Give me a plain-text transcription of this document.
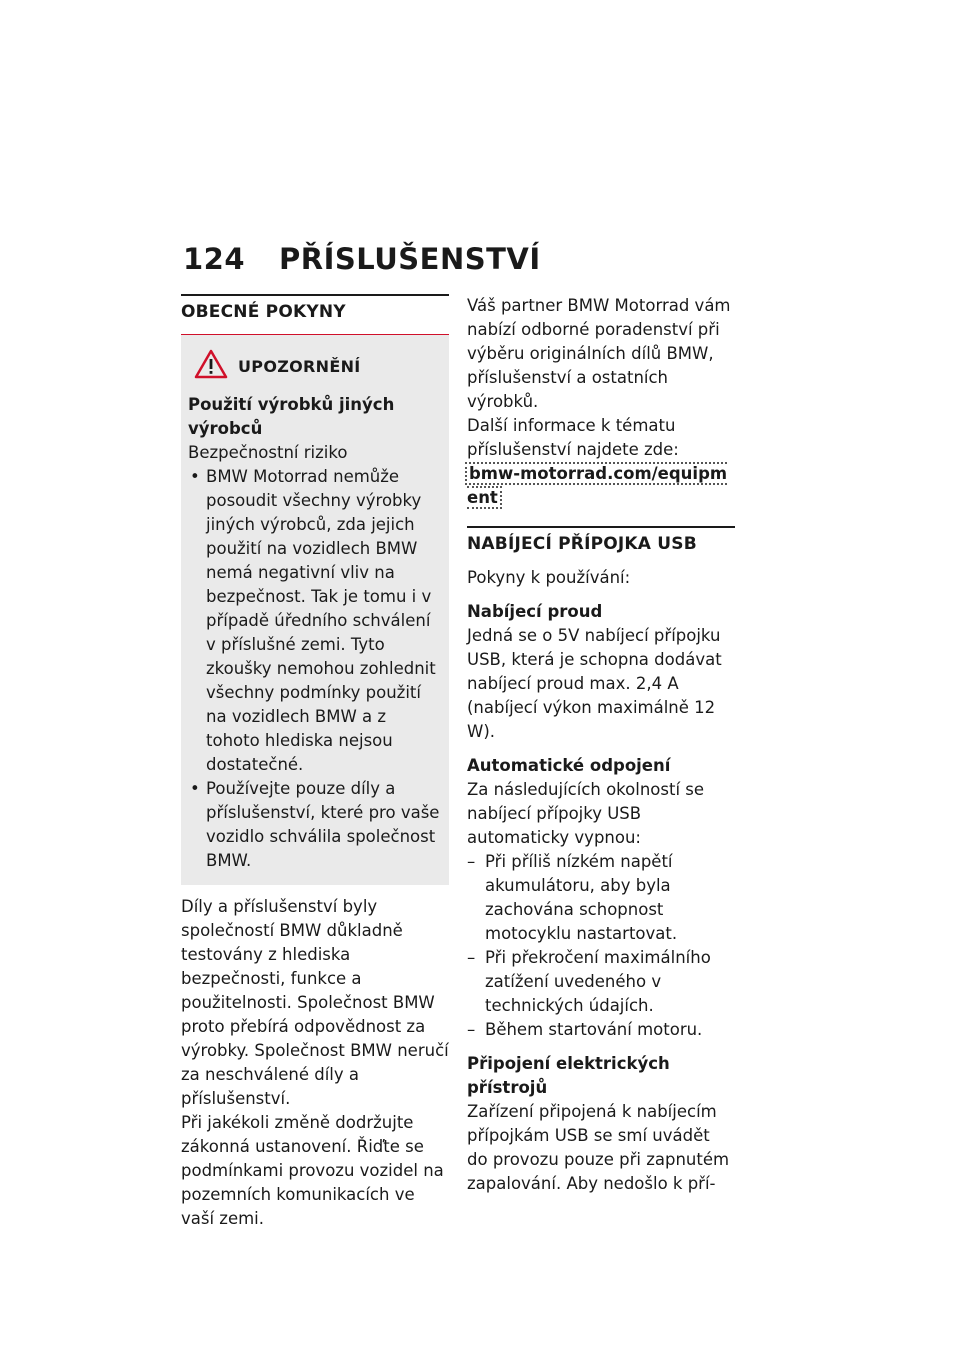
124 PŘÍSLUŠENSTVÍ
OBECNÉ POKYNY
UPOZORNĚNÍ

Použití výrobků jiných výrobců

Bezpečnostní riziko

• BMW Motorrad nemůže posoudit všechny výrobky jiných výrobců, zda jejich použití na vozidlech BMW nemá negativní vliv na bezpečnost. Tak je tomu i v případě úředního schválení v příslušné zemi. Tyto zkoušky nemohou zohlednit všechny podmínky použití na vozidlech BMW a z tohoto hlediska nejsou dostatečné.
• Používejte pouze díly a příslušenství, které pro vaše vozidlo schválila společnost BMW.

Díly a příslušenství byly společností BMW důkladně testovány z hlediska bezpečnosti, funkce a použitelnosti. Společnost BMW proto přebírá odpovědnost za výrobky. Společnost BMW neručí za neschválené díly a příslušenství.

Při jakékoli změně dodržujte zákonná ustanovení. Řiďte se podmínkami provozu vozidel na pozemních komunikacích ve vaší zemi.

Váš partner BMW Motorrad vám nabízí odborné poradenství při výběru originálních dílů BMW, příslušenství a ostatních výrobků.

Další informace k tématu příslušenství najdete zde:

bmw-motorrad.com/equipment

NABÍJECÍ PŘÍPOJKA USB

Pokyny k používání:

Nabíjecí proud

Jedná se o 5V nabíjecí přípojku USB, která je schopna dodávat nabíjecí proud max. 2,4 A (nabíjecí výkon maximálně 12 W).

Automatické odpojení

Za následujících okolností se nabíjecí přípojky USB automaticky vypnou:

– Při příliš nízkém napětí akumulátoru, aby byla zachována schopnost motocyklu nastartovat.
– Při překročení maximálního zatížení uvedeného v technických údajích.
– Během startování motoru.

Připojení elektrických přístrojů

Zařízení připojená k nabíjecím přípojkám USB se smí uvádět do provozu pouze při zapnutém zapalování. Aby nedošlo k pří-
